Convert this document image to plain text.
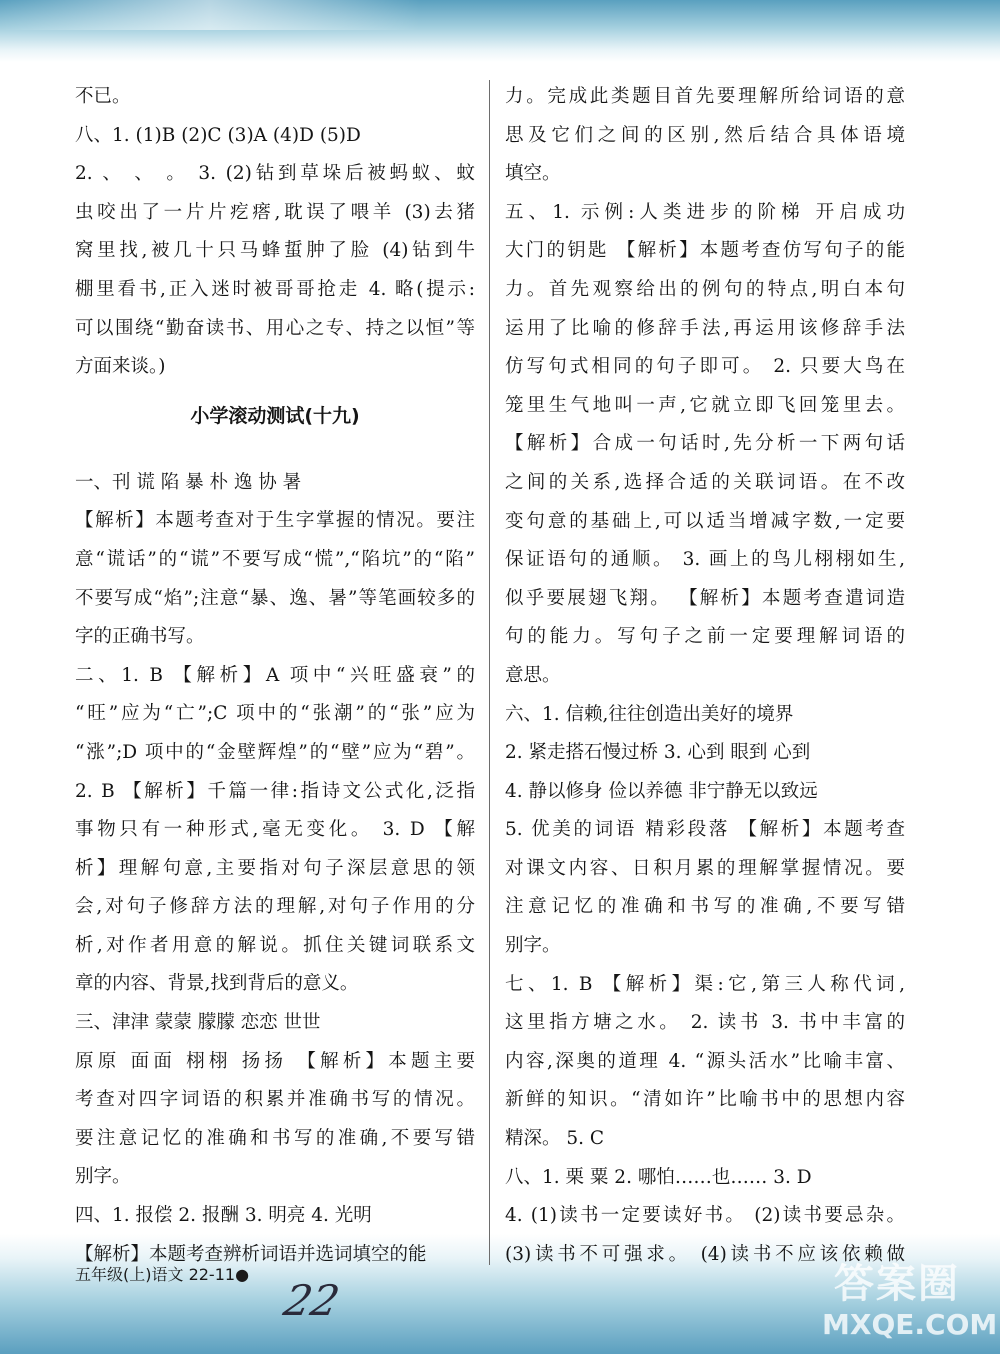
不已。

八、1. (1)B (2)C (3)A (4)D (5)D

2. 、 、 。 3. (2)钻到草垛后被蚂蚁、蚊

虫咬出了一片片疙瘩,耽误了喂羊 (3)去猪

窝里找,被几十只马蜂蜇肿了脸 (4)钻到牛

棚里看书,正入迷时被哥哥抢走 4. 略(提示:

可以围绕“勤奋读书、用心之专、持之以恒”等

方面来谈。)

小学滚动测试(十九)

一、刊 谎 陷 暴 朴 逸 协 暑

【解析】本题考查对于生字掌握的情况。要注

意“谎话”的“谎”不要写成“慌”,“陷坑”的“陷”

不要写成“焰”;注意“暴、逸、暑”等笔画较多的

字的正确书写。

二、1. B 【解析】A 项中“兴旺盛衰”的

“旺”应为“亡”;C 项中的“张潮”的“张”应为

“涨”;D 项中的“金壁辉煌”的“壁”应为“碧”。

2. B 【解析】千篇一律:指诗文公式化,泛指

事物只有一种形式,毫无变化。 3. D 【解

析】理解句意,主要指对句子深层意思的领

会,对句子修辞方法的理解,对句子作用的分

析,对作者用意的解说。抓住关键词联系文

章的内容、背景,找到背后的意义。

三、津津 蒙蒙 朦朦 恋恋 世世

原原 面面 栩栩 扬扬 【解析】本题主要

考查对四字词语的积累并准确书写的情况。

要注意记忆的准确和书写的准确,不要写错

别字。

四、1. 报偿 2. 报酬 3. 明亮 4. 光明

【解析】本题考查辨析词语并选词填空的能

力。完成此类题目首先要理解所给词语的意

思及它们之间的区别,然后结合具体语境

填空。

五、1. 示例:人类进步的阶梯 开启成功

大门的钥匙 【解析】本题考查仿写句子的能

力。首先观察给出的例句的特点,明白本句

运用了比喻的修辞手法,再运用该修辞手法

仿写句式相同的句子即可。 2. 只要大鸟在

笼里生气地叫一声,它就立即飞回笼里去。

【解析】合成一句话时,先分析一下两句话

之间的关系,选择合适的关联词语。在不改

变句意的基础上,可以适当增减字数,一定要

保证语句的通顺。 3. 画上的鸟儿栩栩如生,

似乎要展翅飞翔。 【解析】本题考查遣词造

句的能力。写句子之前一定要理解词语的

意思。

六、1. 信赖,往往创造出美好的境界

2. 紧走搭石慢过桥 3. 心到 眼到 心到

4. 静以修身 俭以养德 非宁静无以致远

5. 优美的词语 精彩段落 【解析】本题考查

对课文内容、日积月累的理解掌握情况。要

注意记忆的准确和书写的准确,不要写错

别字。

七、1. B 【解析】渠:它,第三人称代词,

这里指方塘之水。 2. 读书 3. 书中丰富的

内容,深奥的道理 4. “源头活水”比喻丰富、

新鲜的知识。“清如许”比喻书中的思想内容

精深。 5. C

八、1. 栗 粟 2. 哪怕……也…… 3. D

4. (1)读书一定要读好书。 (2)读书要忌杂。

(3)读书不可强求。 (4)读书不应该依赖做

五年级(上)语文 22-11●
22	答案圈
MXQE.COM
